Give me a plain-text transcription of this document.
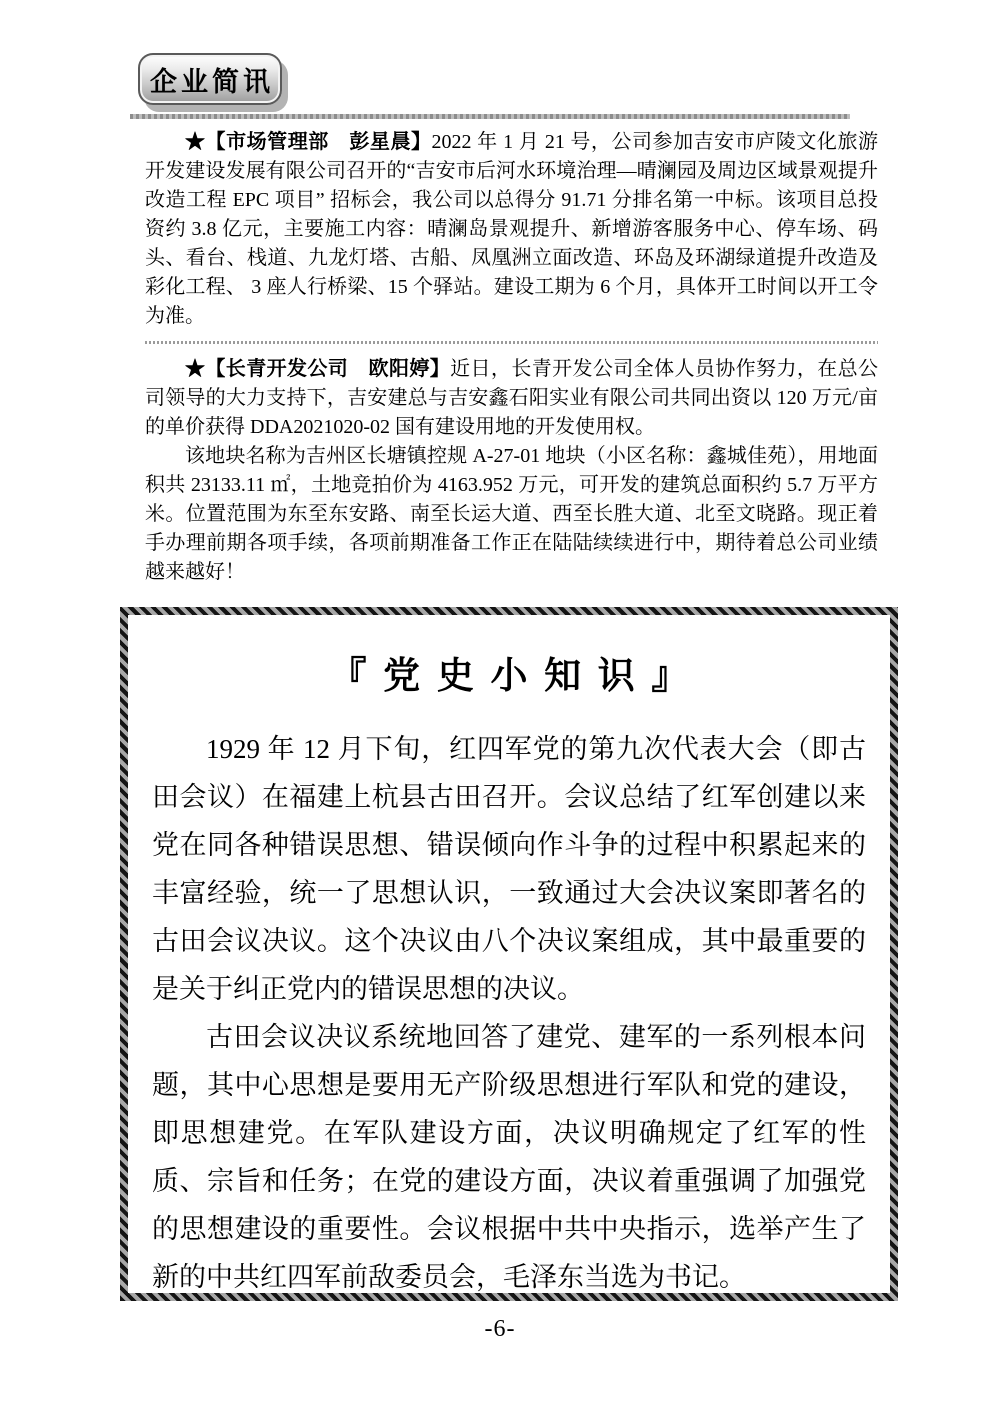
企业简讯

★【市场管理部　彭星晨】2022 年 1 月 21 号，公司参加吉安市庐陵文化旅游开发建设发展有限公司召开的“吉安市后河水环境治理—晴澜园及周边区域景观提升改造工程 EPC 项目” 招标会，我公司以总得分 91.71 分排名第一中标。该项目总投资约 3.8 亿元，主要施工内容：晴澜岛景观提升、新增游客服务中心、停车场、码头、看台、栈道、九龙灯塔、古船、凤凰洲立面改造、环岛及环湖绿道提升改造及彩化工程、 3 座人行桥梁、15 个驿站。建设工期为 6 个月，具体开工时间以开工令为准。

★【长青开发公司　欧阳婷】近日，长青开发公司全体人员协作努力，在总公司领导的大力支持下，吉安建总与吉安鑫石阳实业有限公司共同出资以 120 万元/亩的单价获得 DDA2021020-02 国有建设用地的开发使用权。

该地块名称为吉州区长塘镇控规 A-27-01 地块（小区名称：鑫城佳苑），用地面积共 23133.11 ㎡，土地竞拍价为 4163.952 万元，可开发的建筑总面积约 5.7 万平方米。位置范围为东至东安路、南至长运大道、西至长胜大道、北至文晓路。现正着手办理前期各项手续，各项前期准备工作正在陆陆续续进行中，期待着总公司业绩越来越好！

『党史小知识』

1929 年 12 月下旬，红四军党的第九次代表大会（即古田会议）在福建上杭县古田召开。会议总结了红军创建以来党在同各种错误思想、错误倾向作斗争的过程中积累起来的丰富经验，统一了思想认识，一致通过大会决议案即著名的古田会议决议。这个决议由八个决议案组成，其中最重要的是关于纠正党内的错误思想的决议。

古田会议决议系统地回答了建党、建军的一系列根本问题，其中心思想是要用无产阶级思想进行军队和党的建设，即思想建党。在军队建设方面，决议明确规定了红军的性质、宗旨和任务；在党的建设方面，决议着重强调了加强党的思想建设的重要性。会议根据中共中央指示，选举产生了新的中共红四军前敌委员会，毛泽东当选为书记。

-6-
